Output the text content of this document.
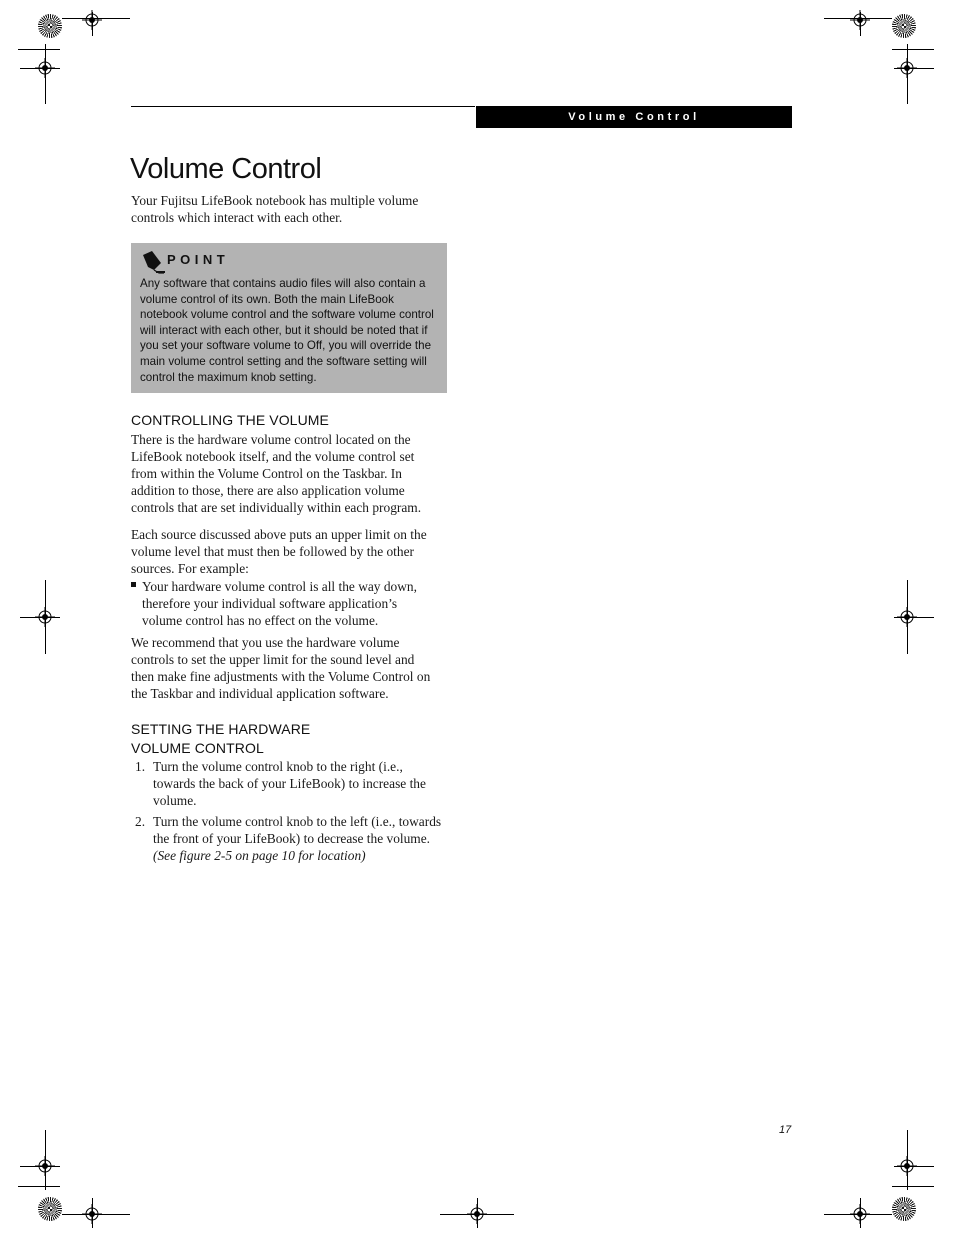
Volume Control
Volume Control

Your Fujitsu LifeBook notebook has multiple volume controls which interact with each other.

POINT
Any software that contains audio files will also contain a volume control of its own. Both the main LifeBook notebook volume control and the software volume control will interact with each other, but it should be noted that if you set your software volume to Off, you will override the main volume control setting and the software setting will control the maximum knob setting.
CONTROLLING THE VOLUME

There is the hardware volume control located on the LifeBook notebook itself, and the volume control set from within the Volume Control on the Taskbar. In addition to those, there are also application volume controls that are set individually within each program.

Each source discussed above puts an upper limit on the volume level that must then be followed by the other sources. For example:

Your hardware volume control is all the way down, therefore your individual software application’s volume control has no effect on the volume.

We recommend that you use the hardware volume controls to set the upper limit for the sound level and then make fine adjustments with the Volume Control on the Taskbar and individual application software.

SETTING THE HARDWARE
VOLUME CONTROL
1. Turn the volume control knob to the right (i.e., towards the back of your LifeBook) to increase the volume.

2. Turn the volume control knob to the left (i.e., towards the front of your LifeBook) to decrease the volume. (See figure 2-5 on page 10 for location)

17
